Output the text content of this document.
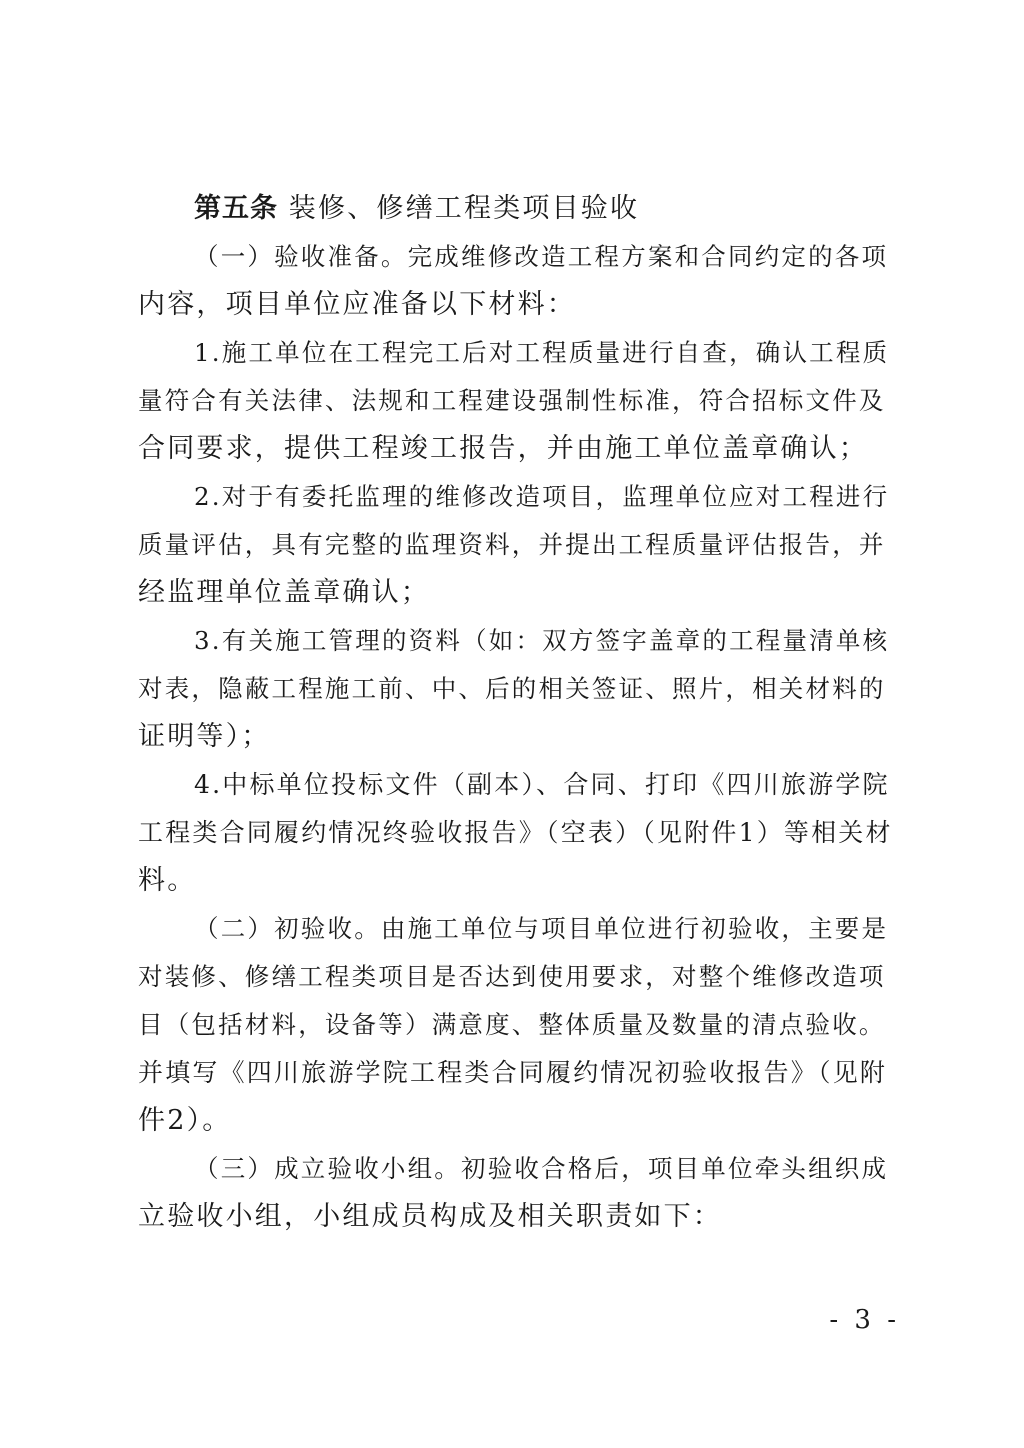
第五条 装修、修缮工程类项目验收
（一）验收准备。完成维修改造工程方案和合同约定的各项
内容，项目单位应准备以下材料：
1.施工单位在工程完工后对工程质量进行自查，确认工程质
量符合有关法律、法规和工程建设强制性标准，符合招标文件及
合同要求，提供工程竣工报告，并由施工单位盖章确认；
2.对于有委托监理的维修改造项目，监理单位应对工程进行
质量评估，具有完整的监理资料，并提出工程质量评估报告，并
经监理单位盖章确认；
3.有关施工管理的资料（如：双方签字盖章的工程量清单核
对表，隐蔽工程施工前、中、后的相关签证、照片，相关材料的
证明等）；
4.中标单位投标文件（副本）、合同、打印《四川旅游学院
工程类合同履约情况终验收报告》（空表）（见附件1）等相关材
料。
（二）初验收。由施工单位与项目单位进行初验收，主要是
对装修、修缮工程类项目是否达到使用要求，对整个维修改造项
目（包括材料，设备等）满意度、整体质量及数量的清点验收。
并填写《四川旅游学院工程类合同履约情况初验收报告》（见附
件2）。
（三）成立验收小组。初验收合格后，项目单位牵头组织成
立验收小组，小组成员构成及相关职责如下：
- 3 -
